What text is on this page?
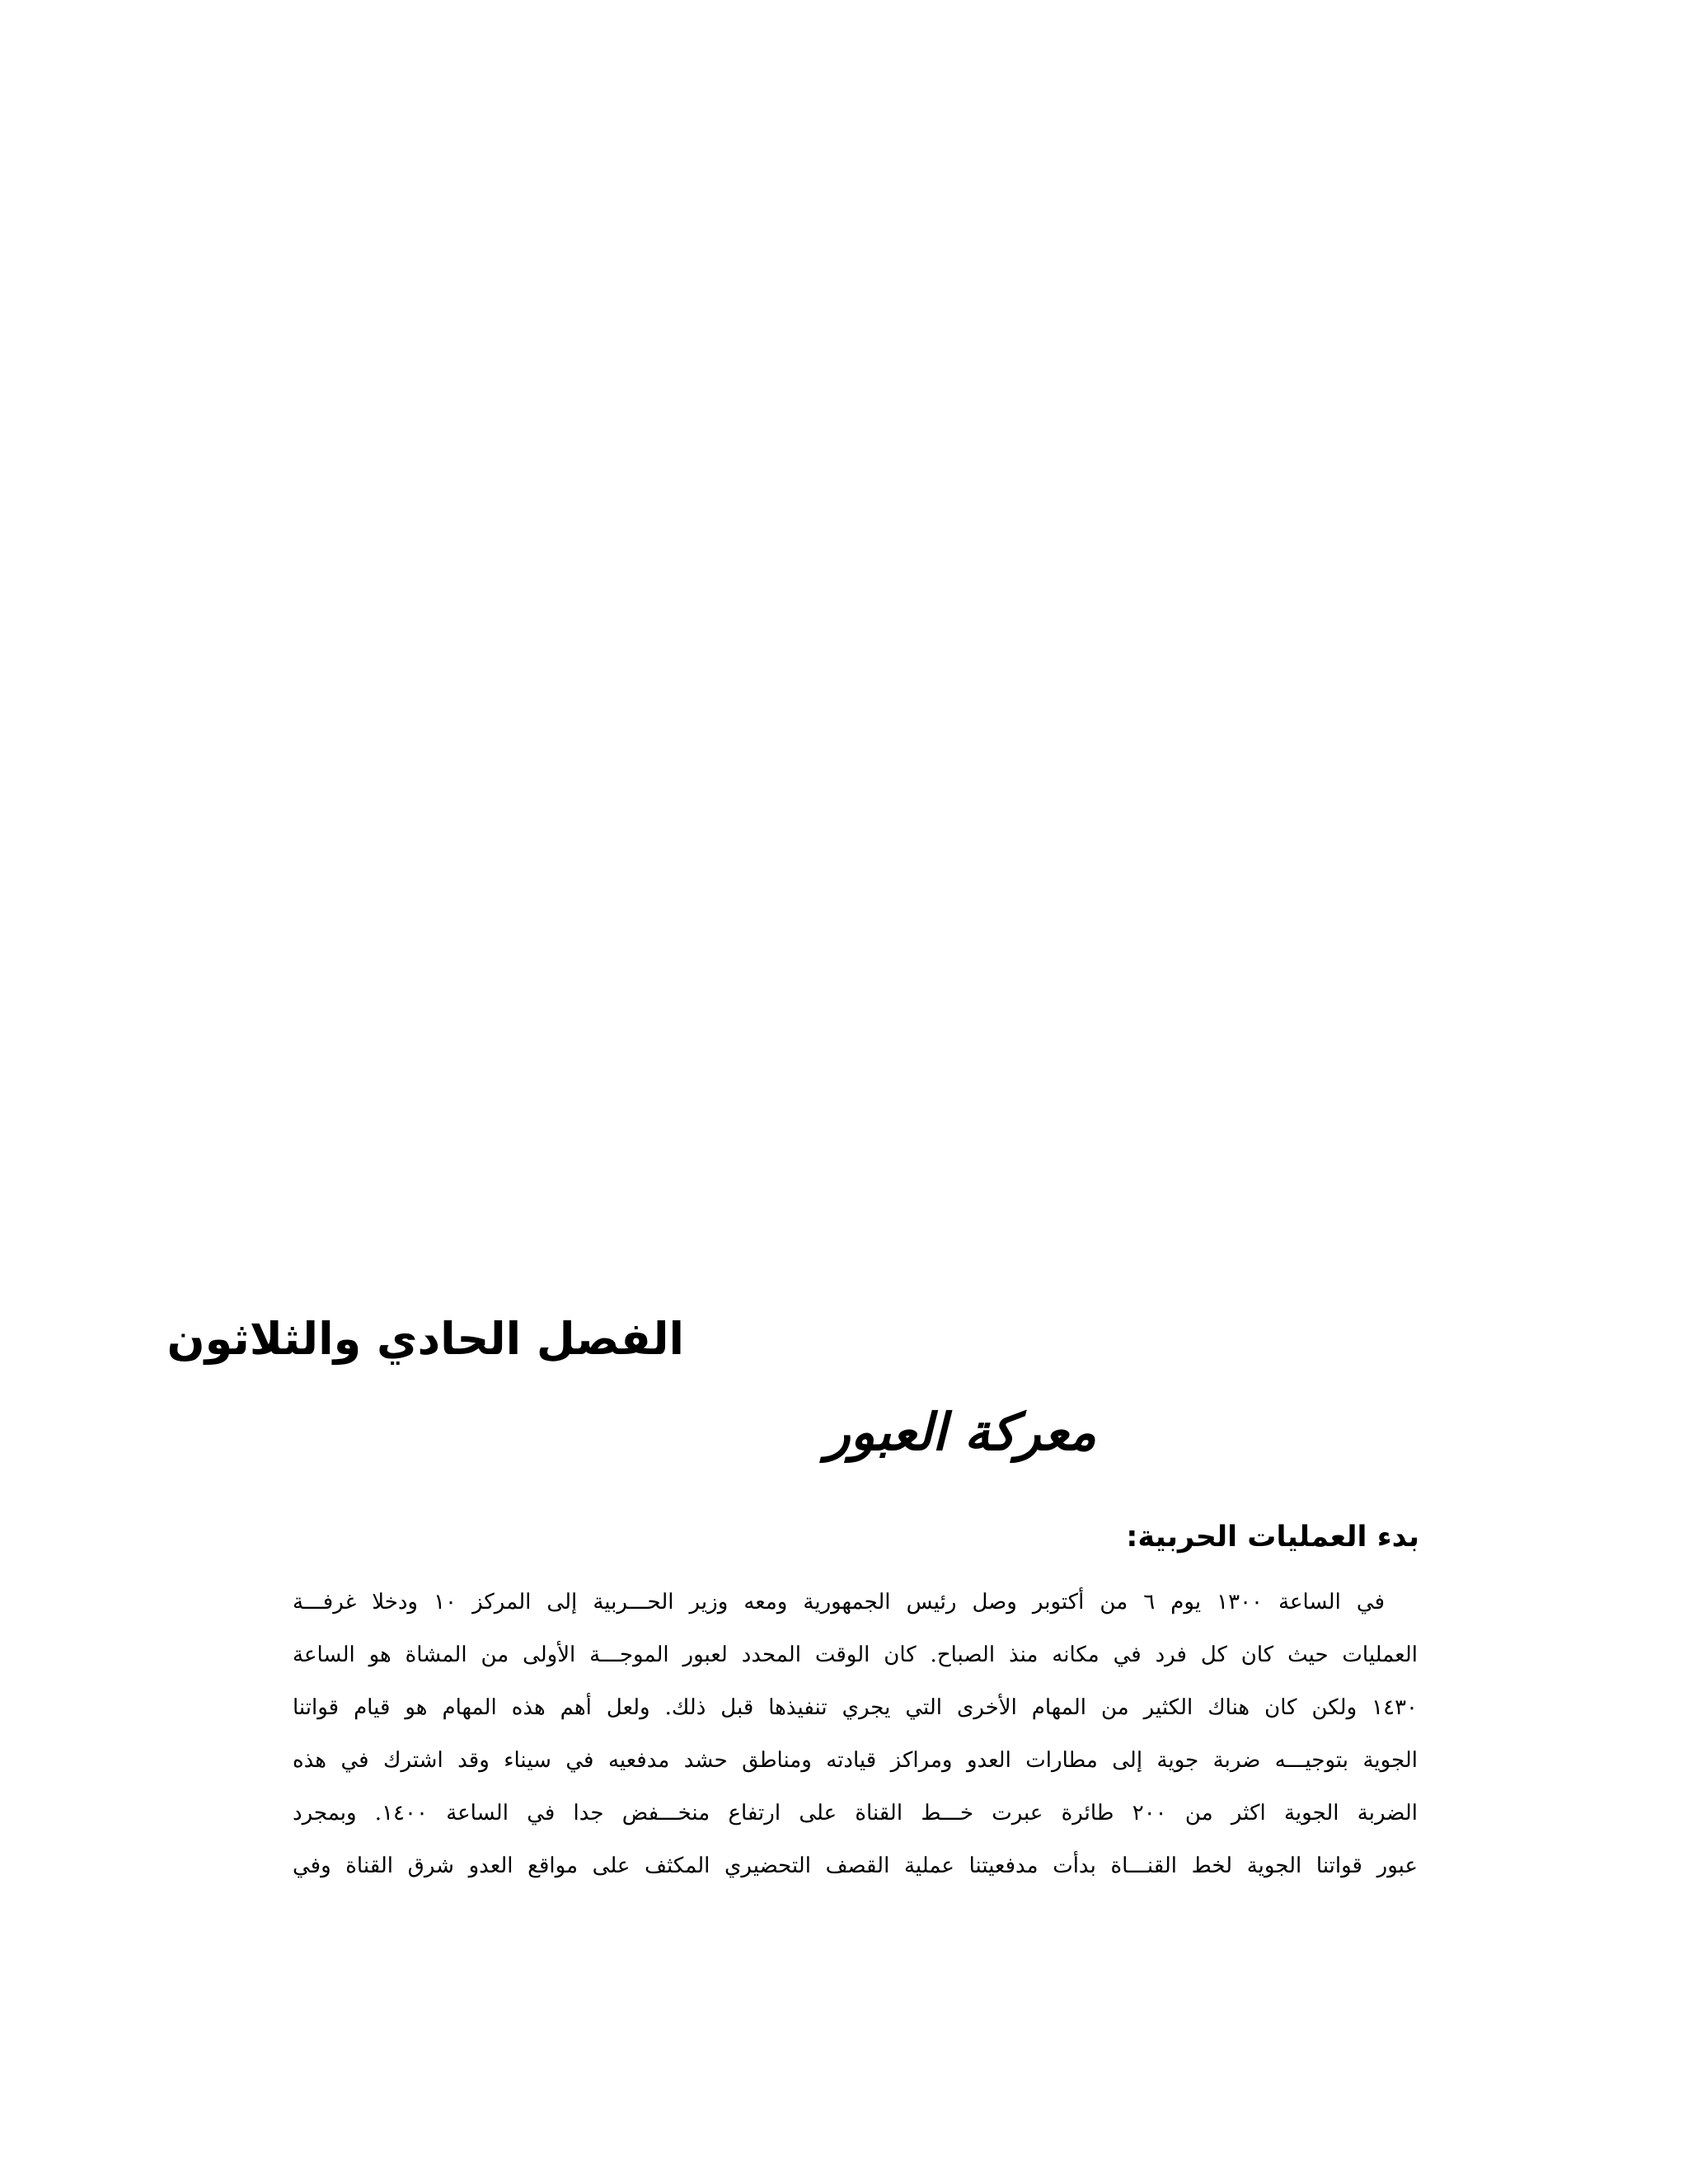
الفصل الحادي والثلاثون
معركة العبور
بدء العمليات الحربية:
في الساعة ١٣٠٠ يوم ٦ من أكتوبر وصل رئيس الجمهورية ومعه وزير الحـــربية إلى المركز ١٠ ودخلا غرفـــة
العمليات حيث كان كل فرد في مكانه منذ الصباح. كان الوقت المحدد لعبور الموجـــة الأولى من المشاة هو الساعة
١٤٣٠ ولكن كان هناك الكثير من المهام الأخرى التي يجري تنفيذها قبل ذلك. ولعل أهم هذه المهام هو قيام قواتنا
الجوية بتوجيـــه ضربة جوية إلى مطارات العدو ومراكز قيادته ومناطق حشد مدفعيه في سيناء وقد اشترك في هذه
الضربة الجوية اكثر من ٢٠٠ طائرة عبرت خـــط القناة على ارتفاع منخـــفض جدا في الساعة ١٤٠٠. وبمجرد
عبور قواتنا الجوية لخط القنـــاة بدأت مدفعيتنا عملية القصف التحضيري المكثف على مواقع العدو شرق القناة وفي
